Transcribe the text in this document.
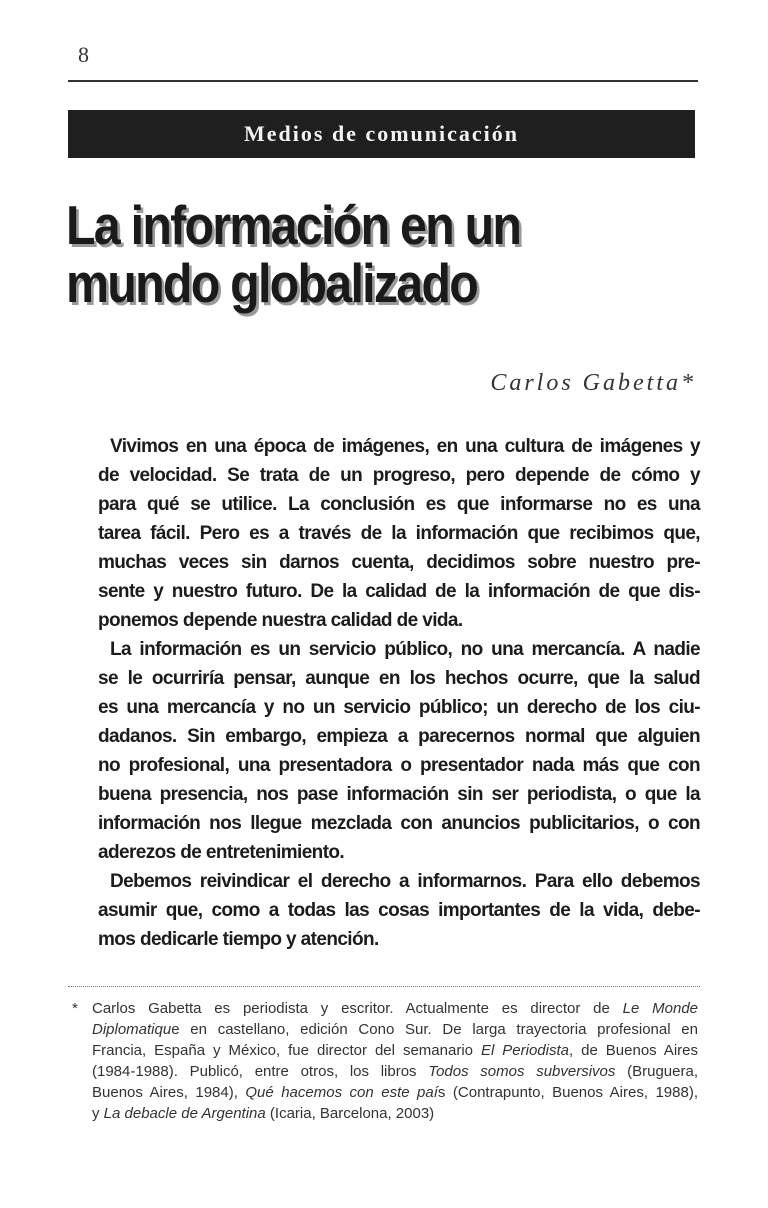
8
Medios de comunicación
La información en un
mundo globalizado
Carlos Gabetta*
Vivimos en una época de imágenes, en una cultura de imágenes y
de velocidad. Se trata de un progreso, pero depende de cómo y
para qué se utilice. La conclusión es que informarse no es una
tarea fácil. Pero es a través de la información que recibimos que,
muchas veces sin darnos cuenta, decidimos sobre nuestro pre-
sente y nuestro futuro. De la calidad de la información de que dis-
ponemos depende nuestra calidad de vida.
La información es un servicio público, no una mercancía. A nadie
se le ocurriría pensar, aunque en los hechos ocurre, que la salud
es una mercancía y no un servicio público; un derecho de los ciu-
dadanos. Sin embargo, empieza a parecernos normal que alguien
no profesional, una presentadora o presentador nada más que con
buena presencia, nos pase información sin ser periodista, o que la
información nos llegue mezclada con anuncios publicitarios, o con
aderezos de entretenimiento.
Debemos reivindicar el derecho a informarnos. Para ello debemos
asumir que, como a todas las cosas importantes de la vida, debe-
mos dedicarle tiempo y atención.
* Carlos Gabetta es periodista y escritor. Actualmente es director de Le Monde
Diplomatique en castellano, edición Cono Sur. De larga trayectoria profesional en
Francia, España y México, fue director del semanario El Periodista, de Buenos Aires
(1984-1988). Publicó, entre otros, los libros Todos somos subversivos (Bruguera,
Buenos Aires, 1984), Qué hacemos con este país (Contrapunto, Buenos Aires, 1988),
y La debacle de Argentina (Icaria, Barcelona, 2003)
